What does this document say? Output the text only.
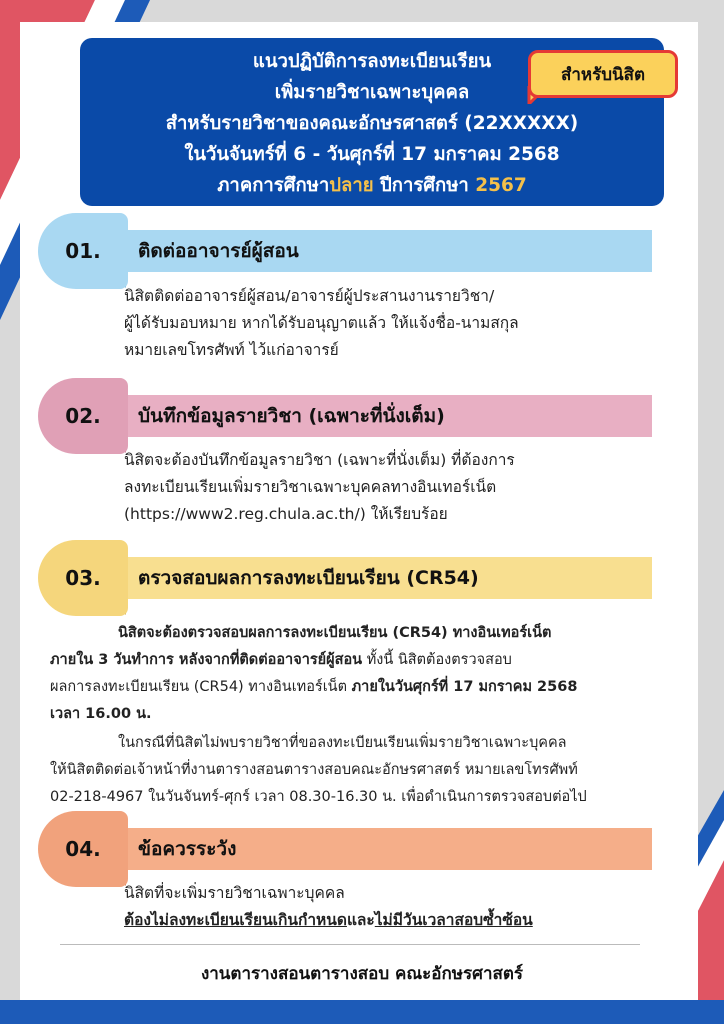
แนวปฏิบัติการลงทะเบียนเรียน
เพิ่มรายวิชาเฉพาะบุคคล
สำหรับรายวิชาของคณะอักษรศาสตร์ (22XXXXX)
ในวันจันทร์ที่ 6 - วันศุกร์ที่ 17 มกราคม 2568
ภาคการศึกษาปลาย ปีการศึกษา 2567
สำหรับนิสิต
ติดต่ออาจารย์ผู้สอน
01.

นิสิตติดต่ออาจารย์ผู้สอน/อาจารย์ผู้ประสานงานรายวิชา/

ผู้ได้รับมอบหมาย หากได้รับอนุญาตแล้ว ให้แจ้งชื่อ-นามสกุล

หมายเลขโทรศัพท์ ไว้แก่อาจารย์

บันทึกข้อมูลรายวิชา (เฉพาะที่นั่งเต็ม)
02.

นิสิตจะต้องบันทึกข้อมูลรายวิชา (เฉพาะที่นั่งเต็ม) ที่ต้องการ

ลงทะเบียนเรียนเพิ่มรายวิชาเฉพาะบุคคลทางอินเทอร์เน็ต

(https://www2.reg.chula.ac.th/) ให้เรียบร้อย

ตรวจสอบผลการลงทะเบียนเรียน (CR54)
03.

นิสิตจะต้องตรวจสอบผลการลงทะเบียนเรียน (CR54) ทางอินเทอร์เน็ต

ภายใน 3 วันทำการ หลังจากที่ติดต่ออาจารย์ผู้สอน ทั้งนี้ นิสิตต้องตรวจสอบ

ผลการลงทะเบียนเรียน (CR54) ทางอินเทอร์เน็ต ภายในวันศุกร์ที่ 17 มกราคม 2568

เวลา 16.00 น.

ในกรณีที่นิสิตไม่พบรายวิชาที่ขอลงทะเบียนเรียนเพิ่มรายวิชาเฉพาะบุคคล

ให้นิสิตติดต่อเจ้าหน้าที่งานตารางสอนตารางสอบคณะอักษรศาสตร์ หมายเลขโทรศัพท์

02-218-4967 ในวันจันทร์-ศุกร์ เวลา 08.30-16.30 น. เพื่อดำเนินการตรวจสอบต่อไป

ข้อควรระวัง
04.

นิสิตที่จะเพิ่มรายวิชาเฉพาะบุคคล

ต้องไม่ลงทะเบียนเรียนเกินกำหนดและไม่มีวันเวลาสอบซ้ำซ้อน

งานตารางสอนตารางสอบ คณะอักษรศาสตร์
